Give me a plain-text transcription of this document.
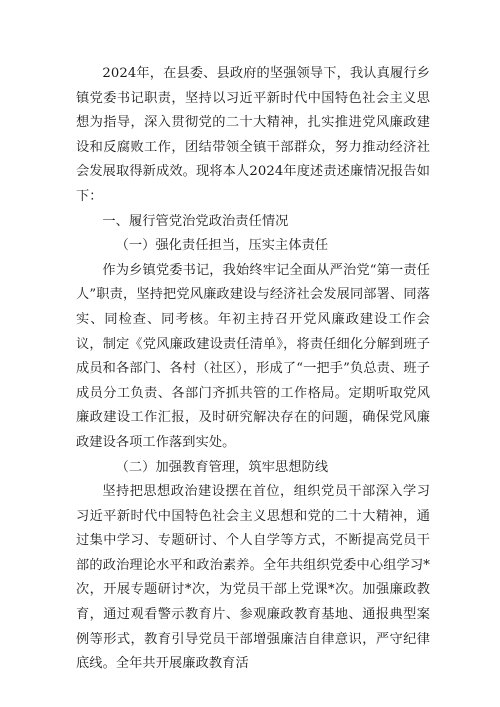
2024年，在县委、县政府的坚强领导下，我认真履行乡镇党委书记职责，坚持以习近平新时代中国特色社会主义思想为指导，深入贯彻党的二十大精神，扎实推进党风廉政建设和反腐败工作，团结带领全镇干部群众，努力推动经济社会发展取得新成效。现将本人2024年度述责述廉情况报告如下：

一、履行管党治党政治责任情况

（一）强化责任担当，压实主体责任

作为乡镇党委书记，我始终牢记全面从严治党“第一责任人”职责，坚持把党风廉政建设与经济社会发展同部署、同落实、同检查、同考核。年初主持召开党风廉政建设工作会议，制定《党风廉政建设责任清单》，将责任细化分解到班子成员和各部门、各村（社区），形成了“一把手”负总责、班子成员分工负责、各部门齐抓共管的工作格局。定期听取党风廉政建设工作汇报，及时研究解决存在的问题，确保党风廉政建设各项工作落到实处。

（二）加强教育管理，筑牢思想防线

坚持把思想政治建设摆在首位，组织党员干部深入学习习近平新时代中国特色社会主义思想和党的二十大精神，通过集中学习、专题研讨、个人自学等方式，不断提高党员干部的政治理论水平和政治素养。全年共组织党委中心组学习*次，开展专题研讨*次，为党员干部上党课*次。加强廉政教育，通过观看警示教育片、参观廉政教育基地、通报典型案例等形式，教育引导党员干部增强廉洁自律意识，严守纪律底线。全年共开展廉政教育活
